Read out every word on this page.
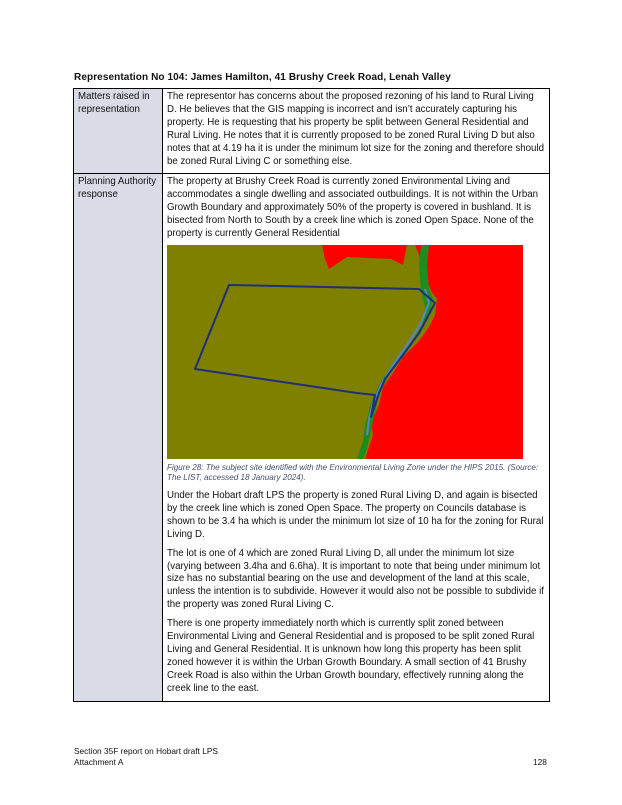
Representation No 104: James Hamilton, 41 Brushy Creek Road, Lenah Valley
Matters raised in representation	The representor has concerns about the proposed rezoning of his land to Rural Living D. He believes that the GIS mapping is incorrect and isn’t accurately capturing his property. He is requesting that his property be split between General Residential and Rural Living. He notes that it is currently proposed to be zoned Rural Living D but also notes that at 4.19 ha it is under the minimum lot size for the zoning and therefore should be zoned Rural Living C or something else.

Planning Authority response	The property at Brushy Creek Road is currently zoned Environmental Living and accommodates a single dwelling and associated outbuildings. It is not within the Urban Growth Boundary and approximately 50% of the property is covered in bushland. It is bisected from North to South by a creek line which is zoned Open Space. None of the property is currently General Residential

Figure 28: The subject site identified with the Environmental Living Zone under the HIPS 2015. (Source: The LIST, accessed 18 January 2024).

Under the Hobart draft LPS the property is zoned Rural Living D, and again is bisected by the creek line which is zoned Open Space. The property on Councils database is shown to be 3.4 ha which is under the minimum lot size of 10 ha for the zoning for Rural Living D.

The lot is one of 4 which are zoned Rural Living D, all under the minimum lot size (varying between 3.4ha and 6.6ha). It is important to note that being under minimum lot size has no substantial bearing on the use and development of the land at this scale, unless the intention is to subdivide. However it would also not be possible to subdivide if the property was zoned Rural Living C.

There is one property immediately north which is currently split zoned between Environmental Living and General Residential and is proposed to be split zoned Rural Living and General Residential. It is unknown how long this property has been split zoned however it is within the Urban Growth Boundary. A small section of 41 Brushy Creek Road is also within the Urban Growth boundary, effectively running along the creek line to the east.

Section 35F report on Hobart draft LPS
Attachment A	128
